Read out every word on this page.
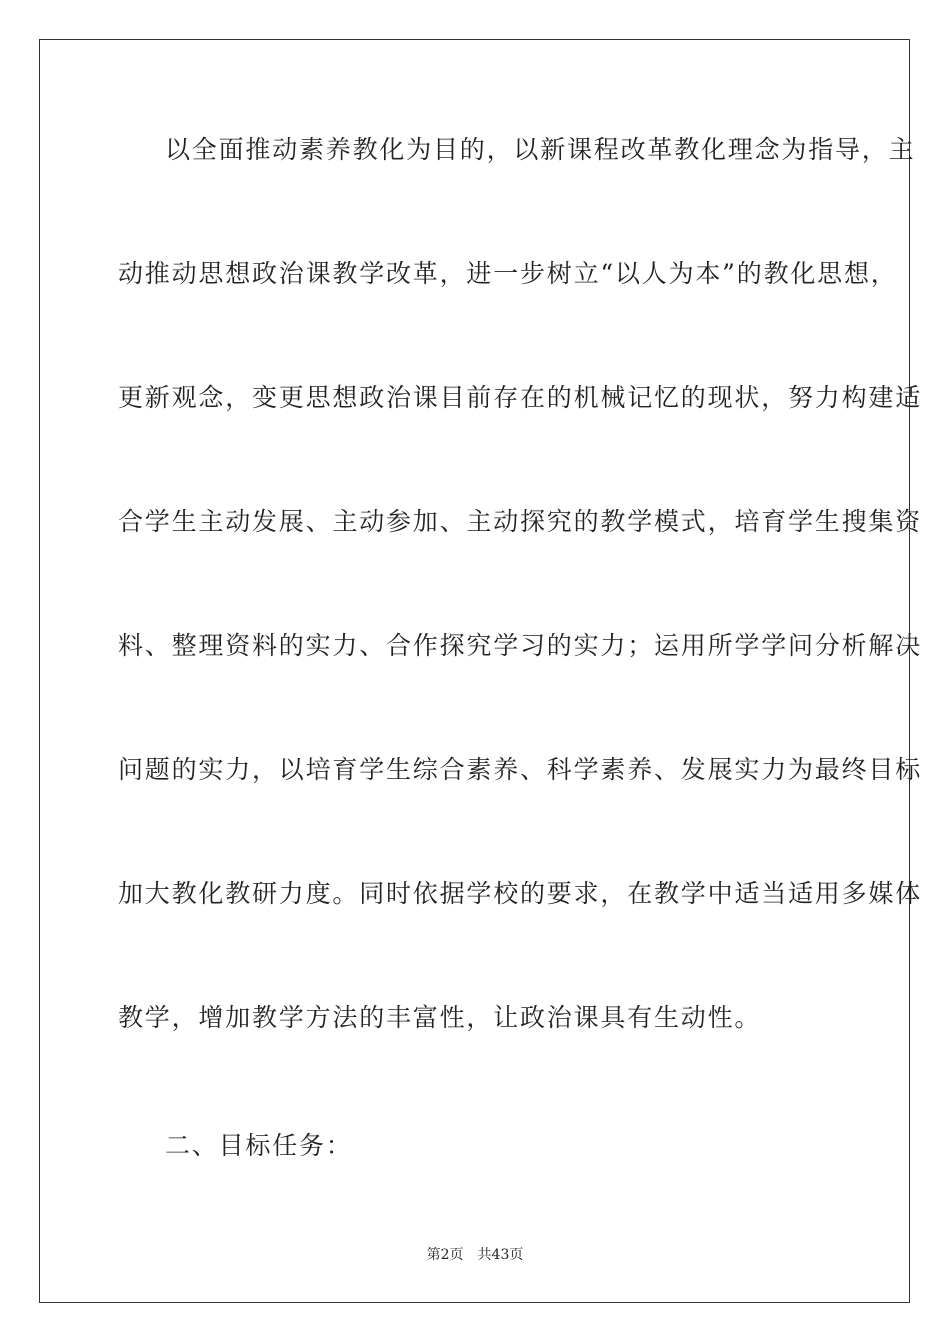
以全面推动素养教化为目的，以新课程改革教化理念为指导，主
动推动思想政治课教学改革，进一步树立“以人为本”的教化思想，
更新观念，变更思想政治课目前存在的机械记忆的现状，努力构建适
合学生主动发展、主动参加、主动探究的教学模式，培育学生搜集资
料、整理资料的实力、合作探究学习的实力；运用所学学问分析解决
问题的实力，以培育学生综合素养、科学素养、发展实力为最终目标
加大教化教研力度。同时依据学校的要求，在教学中适当适用多媒体
教学，增加教学方法的丰富性，让政治课具有生动性。
二、目标任务：
第2页 共43页
